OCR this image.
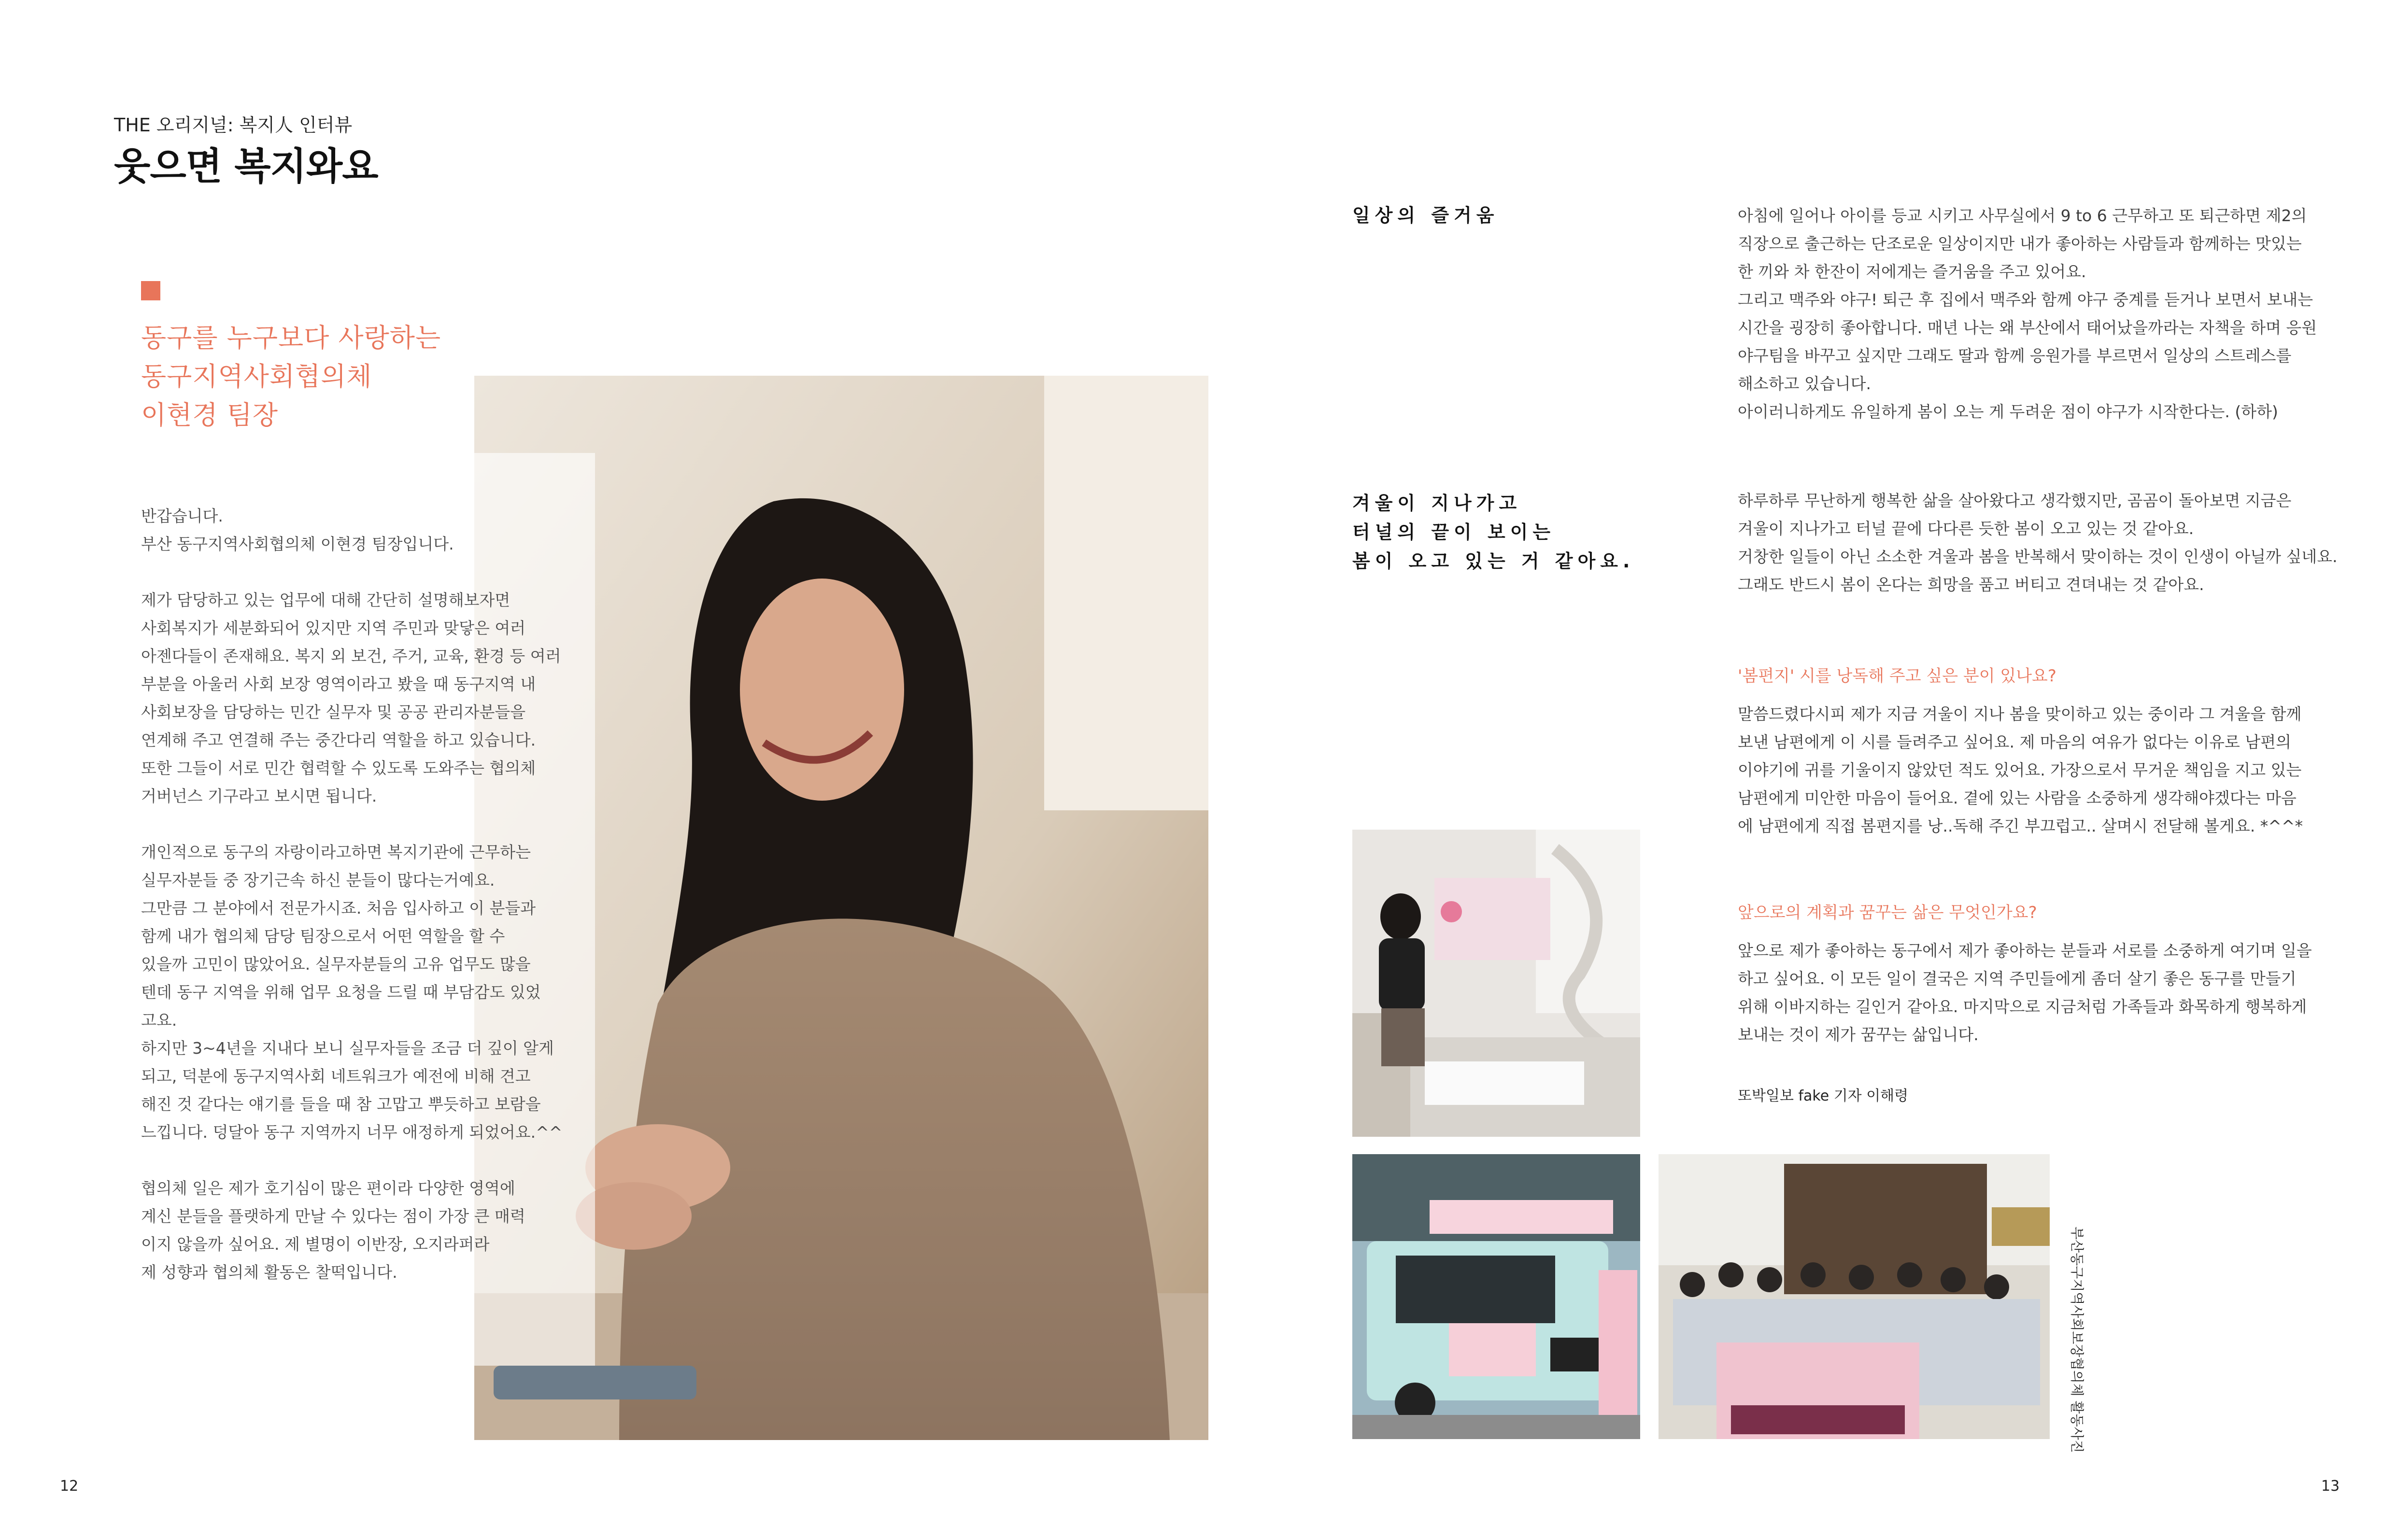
THE 오리지널: 복지人 인터뷰
웃으면 복지와요
동구를 누구보다 사랑하는
동구지역사회협의체
이현경 팀장

반갑습니다.
부산 동구지역사회협의체 이현경 팀장입니다.

제가 담당하고 있는 업무에 대해 간단히 설명해보자면
사회복지가 세분화되어 있지만 지역 주민과 맞닿은 여러
아젠다들이 존재해요. 복지 외 보건, 주거, 교육, 환경 등 여러
부분을 아울러 사회 보장 영역이라고 봤을 때 동구지역 내
사회보장을 담당하는 민간 실무자 및 공공 관리자분들을
연계해 주고 연결해 주는 중간다리 역할을 하고 있습니다.
또한 그들이 서로 민간 협력할 수 있도록 도와주는 협의체
거버넌스 기구라고 보시면 됩니다.

개인적으로 동구의 자랑이라고하면 복지기관에 근무하는
실무자분들 중 장기근속 하신 분들이 많다는거예요.
그만큼 그 분야에서 전문가시죠. 처음 입사하고 이 분들과
함께 내가 협의체 담당 팀장으로서 어떤 역할을 할 수
있을까 고민이 많았어요. 실무자분들의 고유 업무도 많을
텐데 동구 지역을 위해 업무 요청을 드릴 때 부담감도 있었
고요.
하지만 3~4년을 지내다 보니 실무자들을 조금 더 깊이 알게
되고, 덕분에 동구지역사회 네트워크가 예전에 비해 견고
해진 것 같다는 얘기를 들을 때 참 고맙고 뿌듯하고 보람을
느낍니다. 덩달아 동구 지역까지 너무 애정하게 되었어요.^^

협의체 일은 제가 호기심이 많은 편이라 다양한 영역에
계신 분들을 플랫하게 만날 수 있다는 점이 가장 큰 매력
이지 않을까 싶어요. 제 별명이 이반장, 오지라퍼라
제 성향과 협의체 활동은 찰떡입니다.

일상의 즐거움
겨울이 지나가고
터널의 끝이 보이는
봄이 오고 있는 거 같아요.
아침에 일어나 아이를 등교 시키고 사무실에서 9 to 6 근무하고 또 퇴근하면 제2의
직장으로 출근하는 단조로운 일상이지만 내가 좋아하는 사람들과 함께하는 맛있는
한 끼와 차 한잔이 저에게는 즐거움을 주고 있어요.
그리고 맥주와 야구! 퇴근 후 집에서 맥주와 함께 야구 중계를 듣거나 보면서 보내는
시간을 굉장히 좋아합니다. 매년 나는 왜 부산에서 태어났을까라는 자책을 하며 응원
야구팀을 바꾸고 싶지만 그래도 딸과 함께 응원가를 부르면서 일상의 스트레스를
해소하고 있습니다.
아이러니하게도 유일하게 봄이 오는 게 두려운 점이 야구가 시작한다는. (하하)
하루하루 무난하게 행복한 삶을 살아왔다고 생각했지만, 곰곰이 돌아보면 지금은
겨울이 지나가고 터널 끝에 다다른 듯한 봄이 오고 있는 것 같아요.
거창한 일들이 아닌 소소한 겨울과 봄을 반복해서 맞이하는 것이 인생이 아닐까 싶네요.
그래도 반드시 봄이 온다는 희망을 품고 버티고 견뎌내는 것 같아요.
'봄편지' 시를 낭독해 주고 싶은 분이 있나요?
말씀드렸다시피 제가 지금 겨울이 지나 봄을 맞이하고 있는 중이라 그 겨울을 함께
보낸 남편에게 이 시를 들려주고 싶어요. 제 마음의 여유가 없다는 이유로 남편의
이야기에 귀를 기울이지 않았던 적도 있어요. 가장으로서 무거운 책임을 지고 있는
남편에게 미안한 마음이 들어요. 곁에 있는 사람을 소중하게 생각해야겠다는 마음
에 남편에게 직접 봄편지를 낭..독해 주긴 부끄럽고.. 살며시 전달해 볼게요. *^^*
앞으로의 계획과 꿈꾸는 삶은 무엇인가요?
앞으로 제가 좋아하는 동구에서 제가 좋아하는 분들과 서로를 소중하게 여기며 일을
하고 싶어요. 이 모든 일이 결국은 지역 주민들에게 좀더 살기 좋은 동구를 만들기
위해 이바지하는 길인거 같아요. 마지막으로 지금처럼 가족들과 화목하게 행복하게
보내는 것이 제가 꿈꾸는 삶입니다.
또박일보 fake 기자 이해령
부산동구지역사회보장협의체 활동사진
12	13
